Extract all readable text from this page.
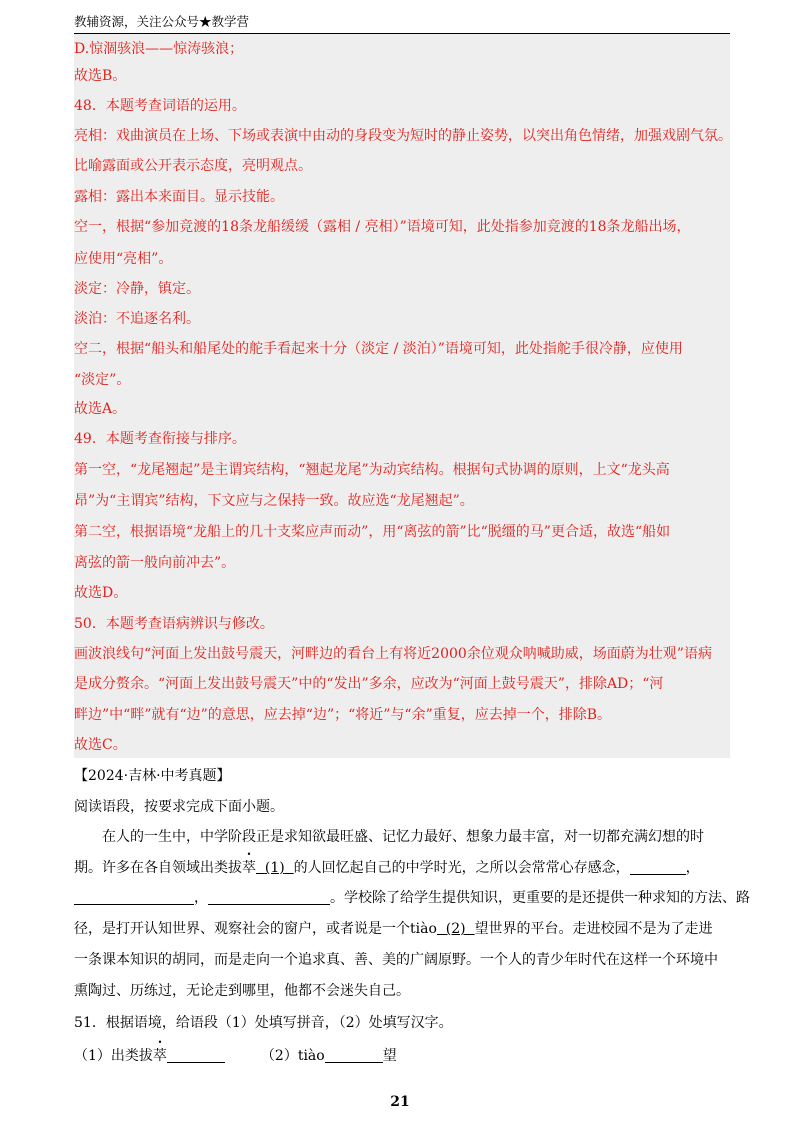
教辅资源，关注公众号★教学营
D.惊涸骇浪——惊涛骇浪；
故选B。
48．本题考查词语的运用。
亮相：戏曲演员在上场、下场或表演中由动的身段变为短时的静止姿势，以突出角色情绪，加强戏剧气氛。
比喻露面或公开表示态度，亮明观点。
露相：露出本来面目。显示技能。
空一，根据“参加竞渡的18条龙船缓缓（露相 / 亮相）”语境可知，此处指参加竞渡的18条龙船出场，
应使用“亮相”。
淡定：冷静，镇定。
淡泊：不追逐名利。
空二，根据“船头和船尾处的舵手看起来十分（淡定 / 淡泊）”语境可知，此处指舵手很冷静，应使用
“淡定”。
故选A。
49．本题考查衔接与排序。
第一空，“龙尾翘起”是主谓宾结构，“翘起龙尾”为动宾结构。根据句式协调的原则，上文“龙头高
昂”为“主谓宾”结构，下文应与之保持一致。故应选“龙尾翘起”。
第二空，根据语境“龙船上的几十支桨应声而动”，用“离弦的箭”比“脱缰的马”更合适，故选“船如
离弦的箭一般向前冲去”。
故选D。
50．本题考查语病辨识与修改。
画波浪线句“河面上发出鼓号震天，河畔边的看台上有将近2000余位观众呐喊助威，场面蔚为壮观”语病
是成分赘余。“河面上发出鼓号震天”中的“发出”多余，应改为“河面上鼓号震天”，排除AD；“河
畔边”中“畔”就有“边”的意思，应去掉“边”；“将近”与“余”重复，应去掉一个，排除B。
故选C。
【2024·吉林·中考真题】
阅读语段，按要求完成下面小题。
在人的一生中，中学阶段正是求知欲最旺盛、记忆力最好、想象力最丰富，对一切都充满幻想的时
期。许多在各自领域出类拔萃 (1) 的人回忆起自己的中学时光，之所以会常常心存感念，	，
，	。学校除了给学生提供知识，更重要的是还提供一种求知的方法、路
径，是打开认知世界、观察社会的窗户，或者说是一个tiào (2) 望世界的平台。走进校园不是为了走进
一条课本知识的胡同，而是走向一个追求真、善、美的广阔原野。一个人的青少年时代在这样一个环境中
熏陶过、历练过，无论走到哪里，他都不会迷失自己。
51．根据语境，给语段（1）处填写拼音，（2）处填写汉字。
（1）出类拔萃	（2）tiào	望
21
